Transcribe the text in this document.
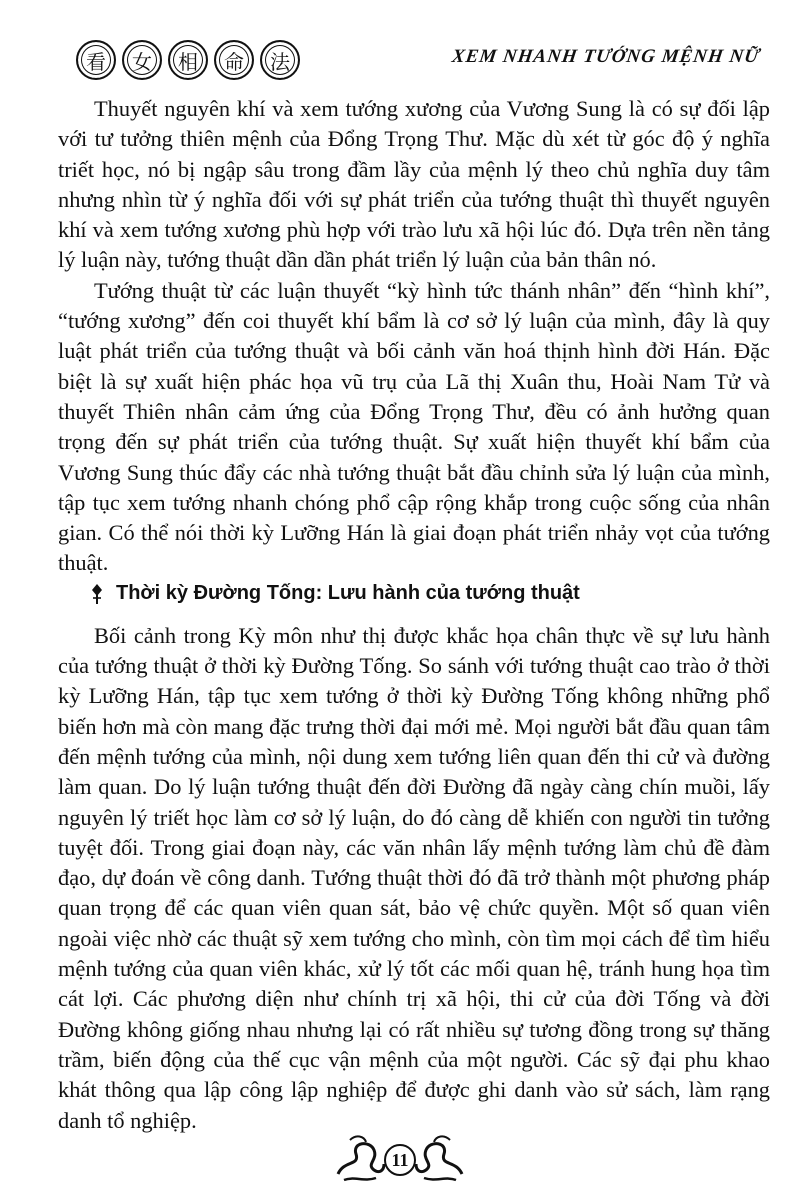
看	女	相	命	法	XEM NHANH TƯỚNG MỆNH NỮ

Thuyết nguyên khí và xem tướng xương của Vương Sung là có sự đối lập với tư tưởng thiên mệnh của Đổng Trọng Thư. Mặc dù xét từ góc độ ý nghĩa triết học, nó bị ngập sâu trong đầm lầy của mệnh lý theo chủ nghĩa duy tâm nhưng nhìn từ ý nghĩa đối với sự phát triển của tướng thuật thì thuyết nguyên khí và xem tướng xương phù hợp với trào lưu xã hội lúc đó. Dựa trên nền tảng lý luận này, tướng thuật dần dần phát triển lý luận của bản thân nó.

Tướng thuật từ các luận thuyết “kỳ hình tức thánh nhân” đến “hình khí”, “tướng xương” đến coi thuyết khí bẩm là cơ sở lý luận của mình, đây là quy luật phát triển của tướng thuật và bối cảnh văn hoá thịnh hình đời Hán. Đặc biệt là sự xuất hiện phác họa vũ trụ của Lã thị Xuân thu, Hoài Nam Tử và thuyết Thiên nhân cảm ứng của Đổng Trọng Thư, đều có ảnh hưởng quan trọng đến sự phát triển của tướng thuật. Sự xuất hiện thuyết khí bẩm của Vương Sung thúc đẩy các nhà tướng thuật bắt đầu chỉnh sửa lý luận của mình, tập tục xem tướng nhanh chóng phổ cập rộng khắp trong cuộc sống của nhân gian. Có thể nói thời kỳ Lưỡng Hán là giai đoạn phát triển nhảy vọt của tướng thuật.

Thời kỳ Đường Tống: Lưu hành của tướng thuật

Bối cảnh trong Kỳ môn như thị được khắc họa chân thực về sự lưu hành của tướng thuật ở thời kỳ Đường Tống. So sánh với tướng thuật cao trào ở thời kỳ Lưỡng Hán, tập tục xem tướng ở thời kỳ Đường Tống không những phổ biến hơn mà còn mang đặc trưng thời đại mới mẻ. Mọi người bắt đầu quan tâm đến mệnh tướng của mình, nội dung xem tướng liên quan đến thi cử và đường làm quan. Do lý luận tướng thuật đến đời Đường đã ngày càng chín muồi, lấy nguyên lý triết học làm cơ sở lý luận, do đó càng dễ khiến con người tin tưởng tuyệt đối. Trong giai đoạn này, các văn nhân lấy mệnh tướng làm chủ đề đàm đạo, dự đoán về công danh. Tướng thuật thời đó đã trở thành một phương pháp quan trọng để các quan viên quan sát, bảo vệ chức quyền. Một số quan viên ngoài việc nhờ các thuật sỹ xem tướng cho mình, còn tìm mọi cách để tìm hiểu mệnh tướng của quan viên khác, xử lý tốt các mối quan hệ, tránh hung họa tìm cát lợi. Các phương diện như chính trị xã hội, thi cử của đời Tống và đời Đường không giống nhau nhưng lại có rất nhiều sự tương đồng trong sự thăng trầm, biến động của thế cục vận mệnh của một người. Các sỹ đại phu khao khát thông qua lập công lập nghiệp để được ghi danh vào sử sách, làm rạng danh tổ nghiệp.

11
